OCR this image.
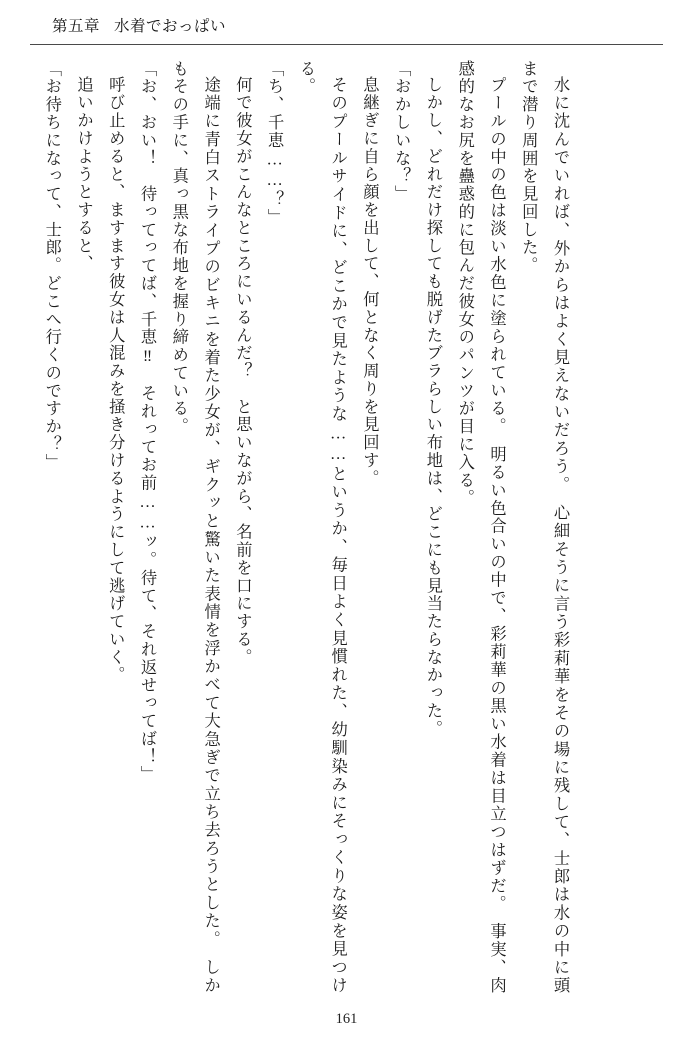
第五章 水着でおっぱい

水に沈んでいれば、外からはよく見えないだろう。　心細そうに言う彩莉華をその場に残して、士郎は水の中に頭まで潜り周囲を見回した。

プールの中の色は淡い水色に塗られている。　明るい色合いの中で、彩莉華の黒い水着は目立つはずだ。　事実、肉感的なお尻を蠱惑的に包んだ彼女のパンツが目に入る。

しかし、どれだけ探しても脱げたブラらしい布地は、どこにも見当たらなかった。

「おかしいな？」

息継ぎに自ら顔を出して、何となく周りを見回す。

そのプールサイドに、どこかで見たような……というか、毎日よく見慣れた、幼馴染みにそっくりな姿を見つける。

「ち、千恵……？」

何で彼女がこんなところにいるんだ？　と思いながら、名前を口にする。

途端に青白ストライプのビキニを着た少女が、ギクッと驚いた表情を浮かべて大急ぎで立ち去ろうとした。　しかもその手に、真っ黒な布地を握り締めている。

「お、おい！　待ってってば、千恵‼　それってお前……ッ。待て、それ返せってば！」

呼び止めると、ますます彼女は人混みを掻き分けるようにして逃げていく。

追いかけようとすると、

「お待ちになって、士郎。どこへ行くのですか？」

161
